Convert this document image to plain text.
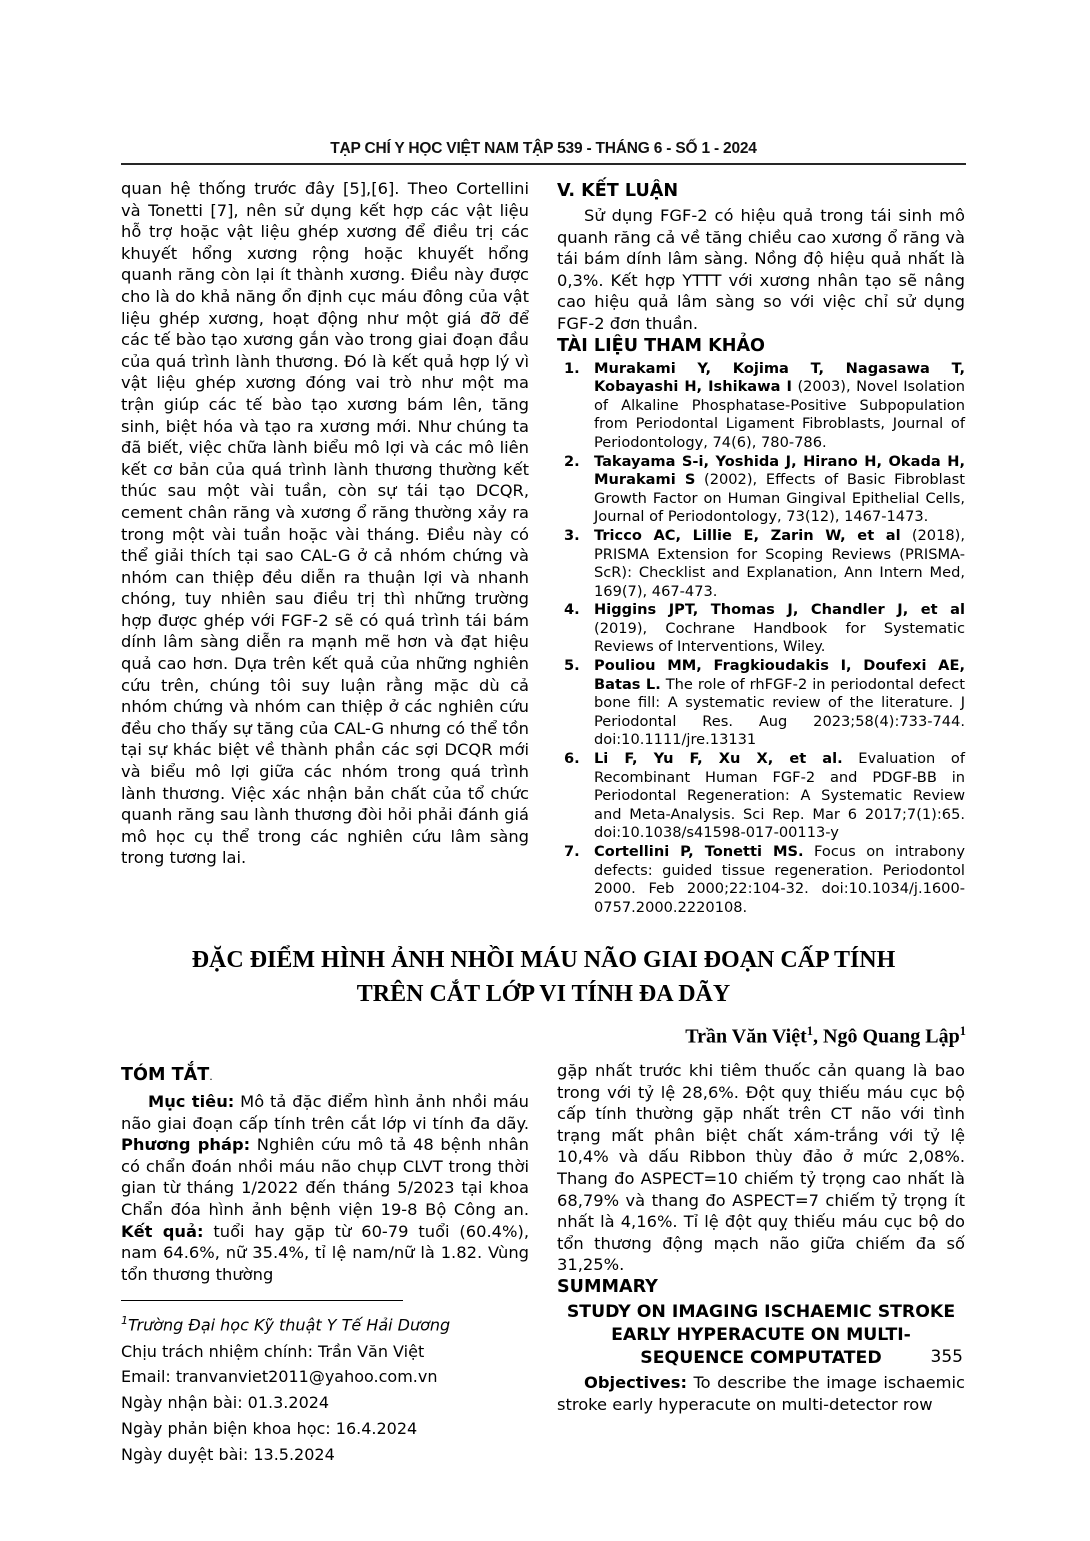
TẠP CHÍ Y HỌC VIỆT NAM TẬP 539 - THÁNG 6 - SỐ 1 - 2024

quan hệ thống trước đây [5],[6]. Theo Cortellini và Tonetti [7], nên sử dụng kết hợp các vật liệu hỗ trợ hoặc vật liệu ghép xương để điều trị các khuyết hổng xương rộng hoặc khuyết hổng quanh răng còn lại ít thành xương. Điều này được cho là do khả năng ổn định cục máu đông của vật liệu ghép xương, hoạt động như một giá đỡ để các tế bào tạo xương gắn vào trong giai đoạn đầu của quá trình lành thương. Đó là kết quả hợp lý vì vật liệu ghép xương đóng vai trò như một ma trận giúp các tế bào tạo xương bám lên, tăng sinh, biệt hóa và tạo ra xương mới. Như chúng ta đã biết, việc chữa lành biểu mô lợi và các mô liên kết cơ bản của quá trình lành thương thường kết thúc sau một vài tuần, còn sự tái tạo DCQR, cement chân răng và xương ổ răng thường xảy ra trong một vài tuần hoặc vài tháng. Điều này có thể giải thích tại sao CAL-G ở cả nhóm chứng và nhóm can thiệp đều diễn ra thuận lợi và nhanh chóng, tuy nhiên sau điều trị thì những trường hợp được ghép với FGF-2 sẽ có quá trình tái bám dính lâm sàng diễn ra mạnh mẽ hơn và đạt hiệu quả cao hơn. Dựa trên kết quả của những nghiên cứu trên, chúng tôi suy luận rằng mặc dù cả nhóm chứng và nhóm can thiệp ở các nghiên cứu đều cho thấy sự tăng của CAL-G nhưng có thể tồn tại sự khác biệt về thành phần các sợi DCQR mới và biểu mô lợi giữa các nhóm trong quá trình lành thương. Việc xác nhận bản chất của tổ chức quanh răng sau lành thương đòi hỏi phải đánh giá mô học cụ thể trong các nghiên cứu lâm sàng trong tương lai.

V. KẾT LUẬN

Sử dụng FGF-2 có hiệu quả trong tái sinh mô quanh răng cả về tăng chiều cao xương ổ răng và tái bám dính lâm sàng. Nồng độ hiệu quả nhất là 0,3%. Kết hợp YTTT với xương nhân tạo sẽ nâng cao hiệu quả lâm sàng so với việc chỉ sử dụng FGF-2 đơn thuần.

TÀI LIỆU THAM KHẢO
1. Murakami Y, Kojima T, Nagasawa T, Kobayashi H, Ishikawa I (2003), Novel Isolation of Alkaline Phosphatase-Positive Subpopulation from Periodontal Ligament Fibroblasts, Journal of Periodontology, 74(6), 780-786.
2. Takayama S-i, Yoshida J, Hirano H, Okada H, Murakami S (2002), Effects of Basic Fibroblast Growth Factor on Human Gingival Epithelial Cells, Journal of Periodontology, 73(12), 1467-1473.
3. Tricco AC, Lillie E, Zarin W, et al (2018), PRISMA Extension for Scoping Reviews (PRISMA-ScR): Checklist and Explanation, Ann Intern Med, 169(7), 467-473.
4. Higgins JPT, Thomas J, Chandler J, et al (2019), Cochrane Handbook for Systematic Reviews of Interventions, Wiley.
5. Pouliou MM, Fragkioudakis I, Doufexi AE, Batas L. The role of rhFGF-2 in periodontal defect bone fill: A systematic review of the literature. J Periodontal Res. Aug 2023;58(4):733-744. doi:10.1111/jre.13131
6. Li F, Yu F, Xu X, et al. Evaluation of Recombinant Human FGF-2 and PDGF-BB in Periodontal Regeneration: A Systematic Review and Meta-Analysis. Sci Rep. Mar 6 2017;7(1):65. doi:10.1038/s41598-017-00113-y
7. Cortellini P, Tonetti MS. Focus on intrabony defects: guided tissue regeneration. Periodontol 2000. Feb 2000;22:104-32. doi:10.1034/j.1600-0757.2000.2220108.
ĐẶC ĐIỂM HÌNH ẢNH NHỒI MÁU NÃO GIAI ĐOẠN CẤP TÍNH
TRÊN CẮT LỚP VI TÍNH ĐA DÃY
Trần Văn Việt$^1$, Ngô Quang Lập$^1$
TÓM TẮT.

Mục tiêu: Mô tả đặc điểm hình ảnh nhồi máu não giai đoạn cấp tính trên cắt lớp vi tính đa dãy. Phương pháp: Nghiên cứu mô tả 48 bệnh nhân có chẩn đoán nhồi máu não chụp CLVT trong thời gian từ tháng 1/2022 đến tháng 5/2023 tại khoa Chẩn đóa hình ảnh bệnh viện 19-8 Bộ Công an. Kết quả: tuổi hay gặp từ 60-79 tuổi (60.4%), nam 64.6%, nữ 35.4%, tỉ lệ nam/nữ là 1.82. Vùng tổn thương thường

$^1$Trường Đại học Kỹ thuật Y Tế Hải Dương
Chịu trách nhiệm chính: Trần Văn Việt
Email: tranvanviet2011@yahoo.com.vn
Ngày nhận bài: 01.3.2024
Ngày phản biện khoa học: 16.4.2024
Ngày duyệt bài: 13.5.2024

gặp nhất trước khi tiêm thuốc cản quang là bao trong với tỷ lệ 28,6%. Đột quỵ thiếu máu cục bộ cấp tính thường gặp nhất trên CT não với tình trạng mất phân biệt chất xám-trắng với tỷ lệ 10,4% và dấu Ribbon thùy đảo ở mức 2,08%. Thang đo ASPECT=10 chiếm tỷ trọng cao nhất là 68,79% và thang đo ASPECT=7 chiếm tỷ trọng ít nhất là 4,16%. Tỉ lệ đột quỵ thiếu máu cục bộ do tổn thương động mạch não giữa chiếm đa số 31,25%.

SUMMARY
STUDY ON IMAGING ISCHAEMIC STROKE EARLY HYPERACUTE ON MULTI-SEQUENCE COMPUTATED

Objectives: To describe the image ischaemic stroke early hyperacute on multi-detector row

355
